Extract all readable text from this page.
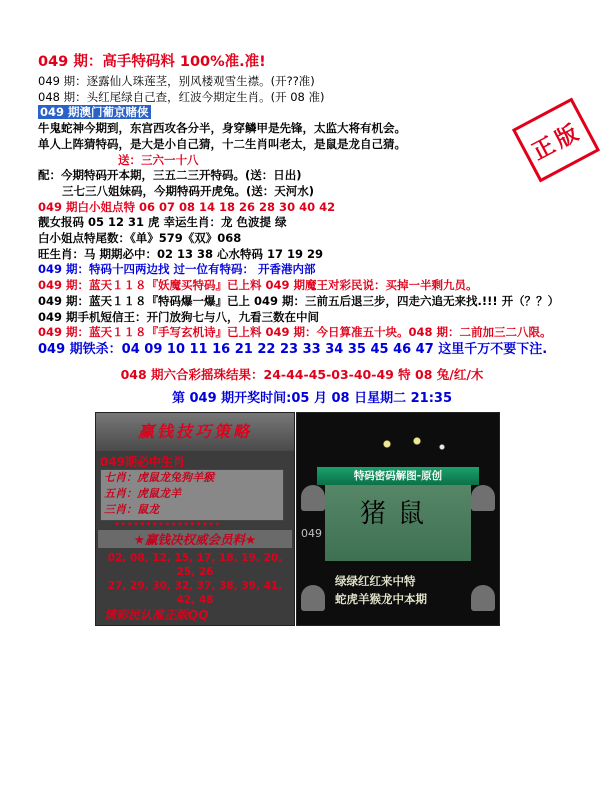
049 期：高手特码料 100%准.准!
049 期：逐露仙人珠莲茎，别风楼观雪生襟。(开??准)
048 期：头红尾绿自己查，红波今期定生肖。(开 08 准)
049 期澳门葡京赌侠
牛鬼蛇神今期到，东宫西攻各分半，身穿鳞甲是先锋，太监大将有机会。
单人上阵猜特码，是大是小自己猜，十二生肖叫老太，是鼠是龙自己猜。
送：三六一十八
配：今期特码开本期，三五二三开特码。(送：日出)
三七三八姐妹码，今期特码开虎兔。(送：天河水)
049 期白小姐点特 06 07 08 14 18 26 28 30 40 42
靓女报码 05 12 31 虎 幸运生肖：龙 色波提 绿
白小姐点特尾数：《单》579《双》068
旺生肖：马 期期必中：02 13 38 心水特码 17 19 29
049 期：特码十四两边找 过一位有特码： 开香港内部
049 期：蓝天１１８『妖魔买特码』已上料 049 期魔王对彩民说：买掉一半剩九员。
049 期：蓝天１１８『特码爆一爆』已上 049 期：三前五后退三步，四走六追无来找.!!! 开（？？）
049 期手机短信王：开门放狗七与八，九看三数在中间
049 期：蓝天１１８『手写玄机诗』已上料 049 期：今日算准五十块。048 期：二前加三二八限。
049 期铁杀：04 09 10 11 16 21 22 23 33 34 35 45 46 47 这里千万不要下注.
048 期六合彩摇珠结果：24-44-45-03-40-49 特 08 兔/红/木
第 049 期开奖时间:05 月 08 日星期二 21:35
正版
赢钱技巧策略
049期必中生肖
七肖：虎鼠龙兔狗羊猴
五肖：虎鼠龙羊
三肖：鼠龙
★★★★★★★★★★★★★★★★★
★赢钱决权威会员料★
02, 08, 12, 15, 17, 18, 19, 20, 25, 26
27, 29, 30, 32, 37, 38, 39, 41, 42, 48
请彩民认准正版QQ
特码密码解图-原创
猪鼠
049
绿绿红红来中特
蛇虎羊猴龙中本期
